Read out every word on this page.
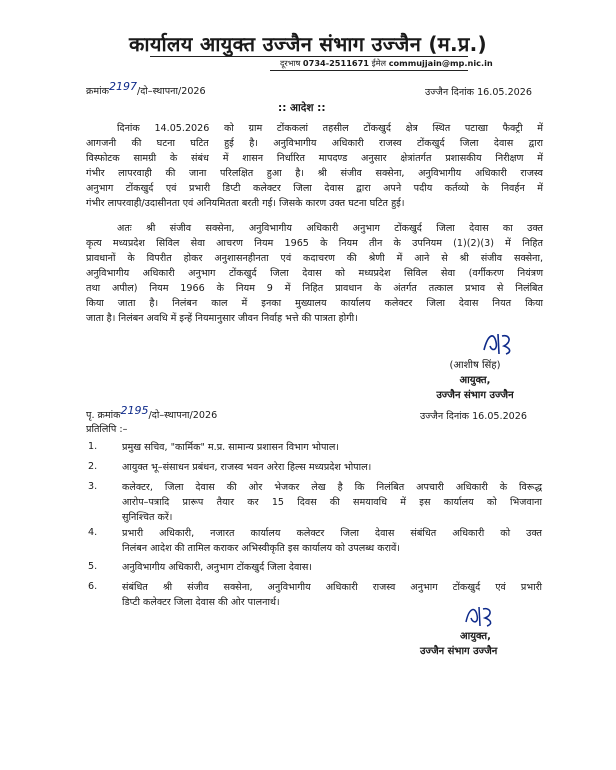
कार्यालय आयुक्त उज्जैन संभाग उज्जैन (म.प्र.)
दूरभाष 0734-2511671 ईमेल commujjain@mp.nic.in
क्रमांक2197/दो–स्थापना/2026	उज्जैन दिनांक 16.05.2026
:: आदेश ::
दिनांक 14.05.2026 को ग्राम टोंककलां तहसील टोंकखुर्द क्षेत्र स्थित पटाखा फैक्ट्री में
आगजनी की घटना घटित हुई है। अनुविभागीय अधिकारी राजस्व टोंकखुर्द जिला देवास द्वारा
विस्फोटक सामग्री के संबंध में शासन निर्धारित मापदण्ड अनुसार क्षेत्रांतर्गत प्रशासकीय निरीक्षण में
गंभीर लापरवाही की जाना परिलक्षित हुआ है। श्री संजीव सक्सेना, अनुविभागीय अधिकारी राजस्व
अनुभाग टोंकखुर्द एवं प्रभारी डिप्टी कलेक्टर जिला देवास द्वारा अपने पदीय कर्तव्यो के निवर्हन में
गंभीर लापरवाही/उदासीनता एवं अनियमितता बरती गई। जिसके कारण उक्त घटना घटित हुई।
अतः श्री संजीव सक्सेना, अनुविभागीय अधिकारी अनुभाग टोंकखुर्द जिला देवास का उक्त
कृत्य मध्यप्रदेश सिविल सेवा आचरण नियम 1965 के नियम तीन के उपनियम (1)(2)(3) में निहित
प्रावधानों के विपरीत होकर अनुशासनहीनता एवं कदाचरण की श्रेणी में आने से श्री संजीव सक्सेना,
अनुविभागीय अधिकारी अनुभाग टोंकखुर्द जिला देवास को मध्यप्रदेश सिविल सेवा (वर्गीकरण नियंत्रण
तथा अपील) नियम 1966 के नियम 9 में निहित प्रावधान के अंतर्गत तत्काल प्रभाव से निलंबित
किया जाता है। निलंबन काल में इनका मुख्यालय कार्यालय कलेक्टर जिला देवास नियत किया
जाता है। निलंबन अवधि में इन्हें नियमानुसार जीवन निर्वाह भत्ते की पात्रता होगी।
(आशीष सिंह)
आयुक्त,
उज्जैन संभाग उज्जैन
पृ. क्रमांक2195/दो–स्थापना/2026	उज्जैन दिनांक 16.05.2026
प्रतिलिपि :–
1.	प्रमुख सचिव, "कार्मिक" म.प्र. सामान्य प्रशासन विभाग भोपाल।
2.	आयुक्त भू–संसाधन प्रबंधन, राजस्व भवन अरेरा हिल्स मध्यप्रदेश भोपाल।
3.	कलेक्टर, जिला देवास की ओर भेजकर लेख है कि निलंबित अपचारी अधिकारी के विरूद्ध
आरोप–पत्रादि प्रारूप तैयार कर 15 दिवस की समयावधि में इस कार्यालय को भिजवाना
सुनिश्चित करें।
4.	प्रभारी अधिकारी, नजारत कार्यालय कलेक्टर जिला देवास संबंधित अधिकारी को उक्त
निलंबन आदेश की तामिल कराकर अभिस्वीकृति इस कार्यालय को उपलब्ध करावें।
5.	अनुविभागीय अधिकारी, अनुभाग टोंकखुर्द जिला देवास।
6.	संबंधित श्री संजीव सक्सेना, अनुविभागीय अधिकारी राजस्व अनुभाग टोंकखुर्द एवं प्रभारी
डिप्टी कलेक्टर जिला देवास की ओर पालनार्थ।
आयुक्त,
उज्जैन संभाग उज्जैन
